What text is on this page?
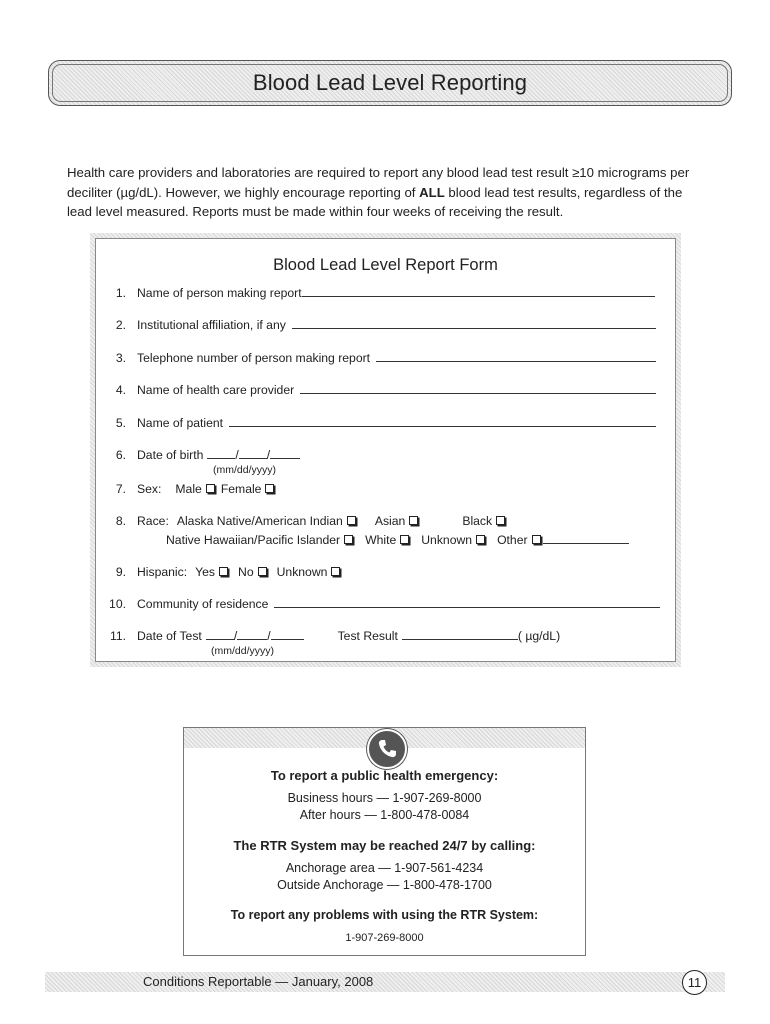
Blood Lead Level Reporting
Health care providers and laboratories are required to report any blood lead test result ≥10 micrograms per deciliter (µg/dL). However, we highly encourage reporting of ALL blood lead test results, regardless of the lead level measured. Reports must be made within four weeks of receiving the result.
Blood Lead Level Report Form
1. Name of person making report
2. Institutional affiliation, if any
3. Telephone number of person making report
4. Name of health care provider
5. Name of patient
6. Date of birth	/ /
(mm/dd/yyyy)
7. Sex: Male Female
8. Race: Alaska Native/American Indian	Asian	Black
Native Hawaiian/Pacific Islander White Unknown Other
9. Hispanic: Yes No Unknown
10. Community of residence
11. Date of Test	/ /	Test Result	( µg/dL)
(mm/dd/yyyy)
To report a public health emergency:
Business hours — 1-907-269-8000
After hours — 1-800-478-0084
The RTR System may be reached 24/7 by calling:
Anchorage area — 1-907-561-4234
Outside Anchorage — 1-800-478-1700
To report any problems with using the RTR System:
1-907-269-8000
Conditions Reportable — January, 2008	11
